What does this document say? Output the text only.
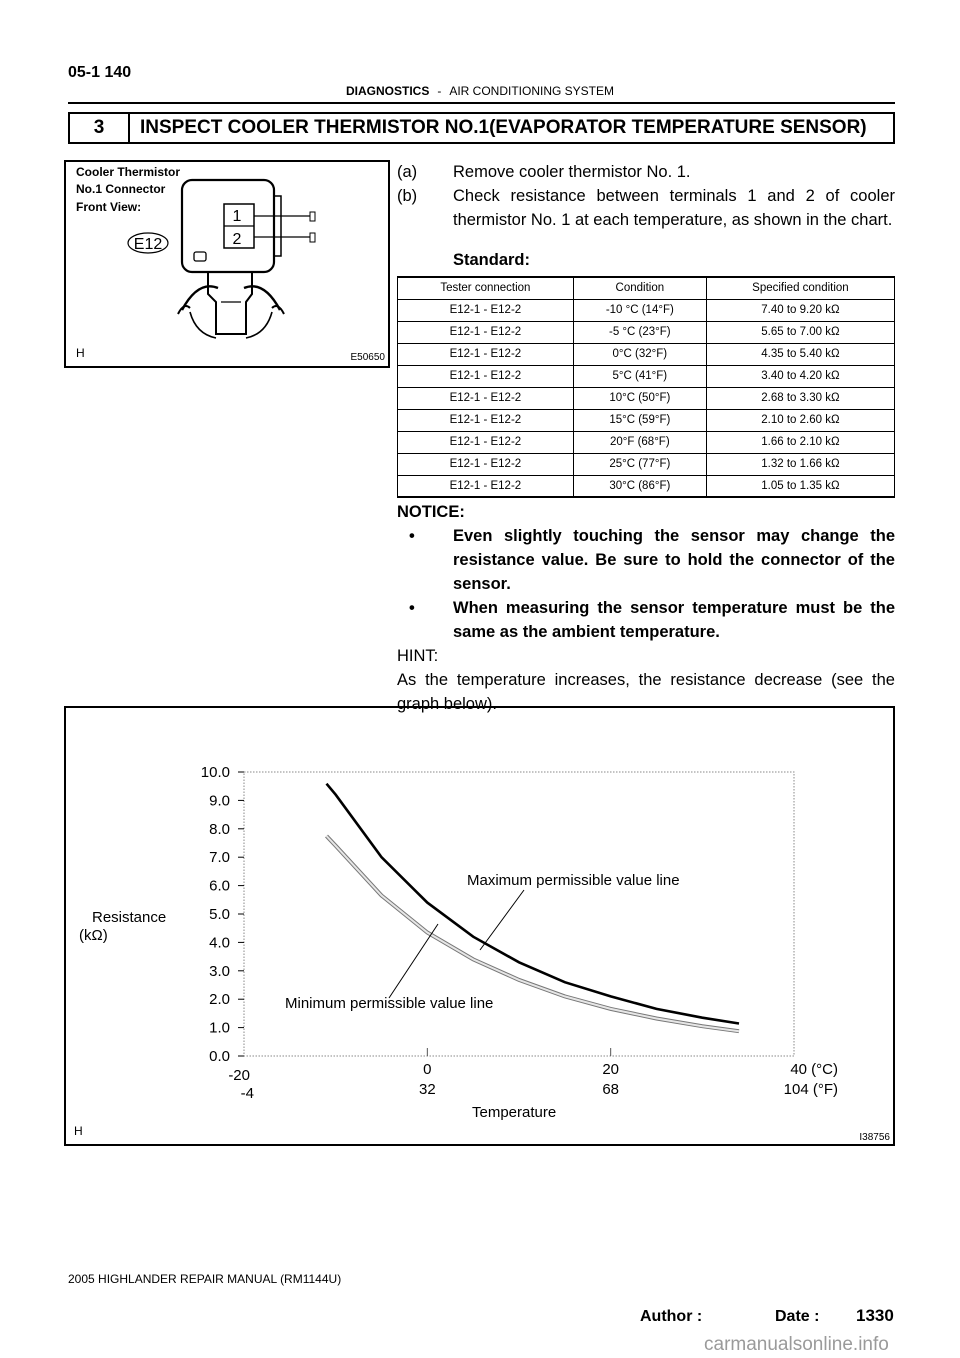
05-1 140
DIAGNOSTICS - AIR CONDITIONING SYSTEM
3	INSPECT COOLER THERMISTOR NO.1(EVAPORATOR TEMPERATURE SENSOR)
Cooler Thermistor
No.1 Connector
Front View:
E12
1
2
H	E50650
(a) Remove cooler thermistor No. 1.
(b) Check resistance between terminals 1 and 2 of cooler thermistor No. 1 at each temperature, as shown in the chart.
Standard:
Tester connection	Condition	Specified condition
E12-1 - E12-2	-10 °C (14°F)	7.40 to 9.20 kΩ
E12-1 - E12-2	-5 °C (23°F)	5.65 to 7.00 kΩ
E12-1 - E12-2	0°C (32°F)	4.35 to 5.40 kΩ
E12-1 - E12-2	5°C (41°F)	3.40 to 4.20 kΩ
E12-1 - E12-2	10°C (50°F)	2.68 to 3.30 kΩ
E12-1 - E12-2	15°C (59°F)	2.10 to 2.60 kΩ
E12-1 - E12-2	20°F (68°F)	1.66 to 2.10 kΩ
E12-1 - E12-2	25°C (77°F)	1.32 to 1.66 kΩ
E12-1 - E12-2	30°C (86°F)	1.05 to 1.35 kΩ
NOTICE:
• Even slightly touching the sensor may change the resistance value. Be sure to hold the connector of the sensor.
• When measuring the sensor temperature must be the same as the ambient temperature.
HINT:
As the temperature increases, the resistance decrease (see the graph below).
0.0
1.0
2.0
3.0
4.0
5.0
6.0
7.0
8.0
9.0
10.0
-20
-4
0
32
20
68
40 (°C)
104 (°F)
Maximum permissible value line
Minimum permissible value line
Resistance
(kΩ)
Temperature
H	I38756
2005 HIGHLANDER REPAIR MANUAL (RM1144U)
Author :	Date : 1330
carmanualsonline.info
